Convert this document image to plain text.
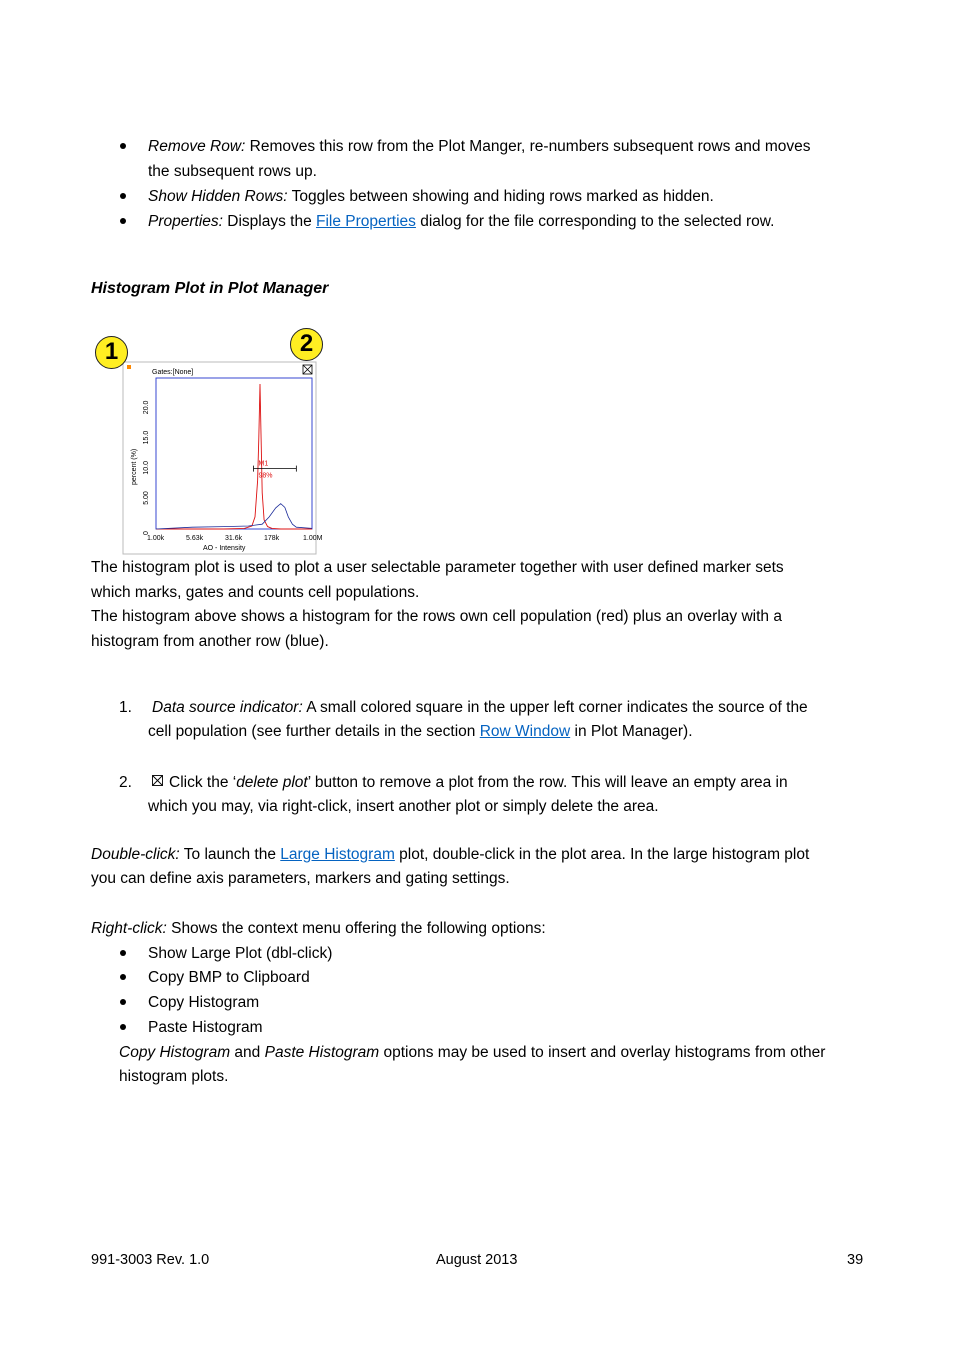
Remove Row: Removes this row from the Plot Manger, re-numbers subsequent rows and moves

the subsequent rows up.

Show Hidden Rows: Toggles between showing and hiding rows marked as hidden.

Properties: Displays the File Properties dialog for the file corresponding to the selected row.

Histogram Plot in Plot Manager

Gates:[None]
percent (%)
AO - Intensity
1.00k	5.63k	31.6k	178k	1.00M
0
5.00
10.0
15.0
20.0
M1
98%
1	2

The histogram plot is used to plot a user selectable parameter together with user defined marker sets

which marks, gates and counts cell populations.

The histogram above shows a histogram for the rows own cell population (red) plus an overlay with a

histogram from another row (blue).

1. Data source indicator: A small colored square in the upper left corner indicates the source of the

cell population (see further details in the section Row Window in Plot Manager).

2.	Click the ‘delete plot’ button to remove a plot from the row. This will leave an empty area in

which you may, via right-click, insert another plot or simply delete the area.

Double-click: To launch the Large Histogram plot, double-click in the plot area. In the large histogram plot

you can define axis parameters, markers and gating settings.

Right-click: Shows the context menu offering the following options:

Show Large Plot (dbl-click)

Copy BMP to Clipboard

Copy Histogram

Paste Histogram

Copy Histogram and Paste Histogram options may be used to insert and overlay histograms from other

histogram plots.

991-3003 Rev. 1.0	August 2013	39
